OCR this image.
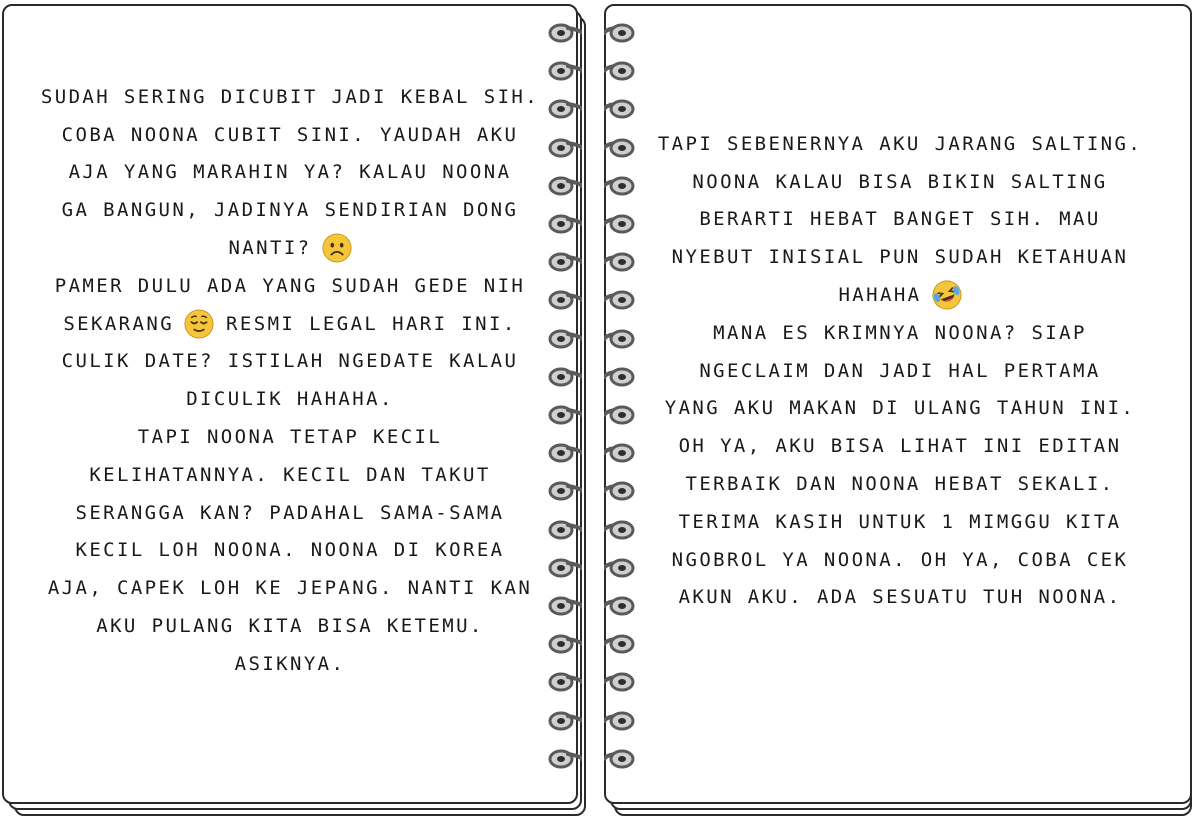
SUDAH SERING DICUBIT JADI KEBAL SIH.
COBA NOONA CUBIT SINI. YAUDAH AKU
AJA YANG MARAHIN YA? KALAU NOONA
GA BANGUN, JADINYA SENDIRIAN DONG
NANTI?
PAMER DULU ADA YANG SUDAH GEDE NIH
SEKARANG	RESMI LEGAL HARI INI.
CULIK DATE? ISTILAH NGEDATE KALAU
DICULIK HAHAHA.
TAPI NOONA TETAP KECIL
KELIHATANNYA. KECIL DAN TAKUT
SERANGGA KAN? PADAHAL SAMA-SAMA
KECIL LOH NOONA. NOONA DI KOREA
AJA, CAPEK LOH KE JEPANG. NANTI KAN
AKU PULANG KITA BISA KETEMU.
ASIKNYA.
TAPI SEBENERNYA AKU JARANG SALTING.
NOONA KALAU BISA BIKIN SALTING
BERARTI HEBAT BANGET SIH. MAU
NYEBUT INISIAL PUN SUDAH KETAHUAN
HAHAHA
MANA ES KRIMNYA NOONA? SIAP
NGECLAIM DAN JADI HAL PERTAMA
YANG AKU MAKAN DI ULANG TAHUN INI.
OH YA, AKU BISA LIHAT INI EDITAN
TERBAIK DAN NOONA HEBAT SEKALI.
TERIMA KASIH UNTUK 1 MIMGGU KITA
NGOBROL YA NOONA. OH YA, COBA CEK
AKUN AKU. ADA SESUATU TUH NOONA.
